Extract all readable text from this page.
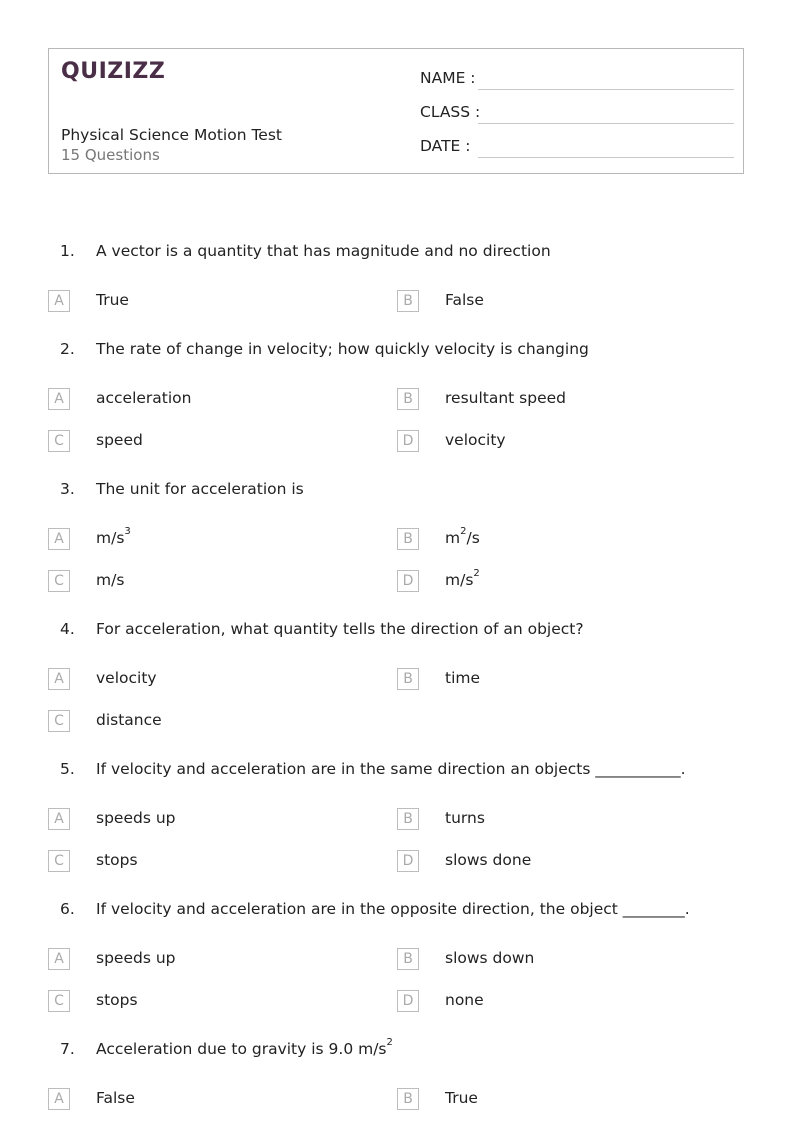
QUIZIZZ
Physical Science Motion Test
15 Questions
NAME :
CLASS :
DATE :
1. A vector is a quantity that has magnitude and no direction
A	True	B	False
2. The rate of change in velocity; how quickly velocity is changing
A	acceleration	B	resultant speed
C	speed	D	velocity
3. The unit for acceleration is
A	$m/s^3$	B	$m^2/s$
C	m/s	D	$m/s^2$
4. For acceleration, what quantity tells the direction of an object?
A	velocity	B	time
C	distance
5. If velocity and acceleration are in the same direction an objects ___________.
A	speeds up	B	turns
C	stops	D	slows done
6. If velocity and acceleration are in the opposite direction, the object ________.
A	speeds up	B	slows down
C	stops	D	none
7. Acceleration due to gravity is 9.0 $m/s^2$
A	False	B	True
